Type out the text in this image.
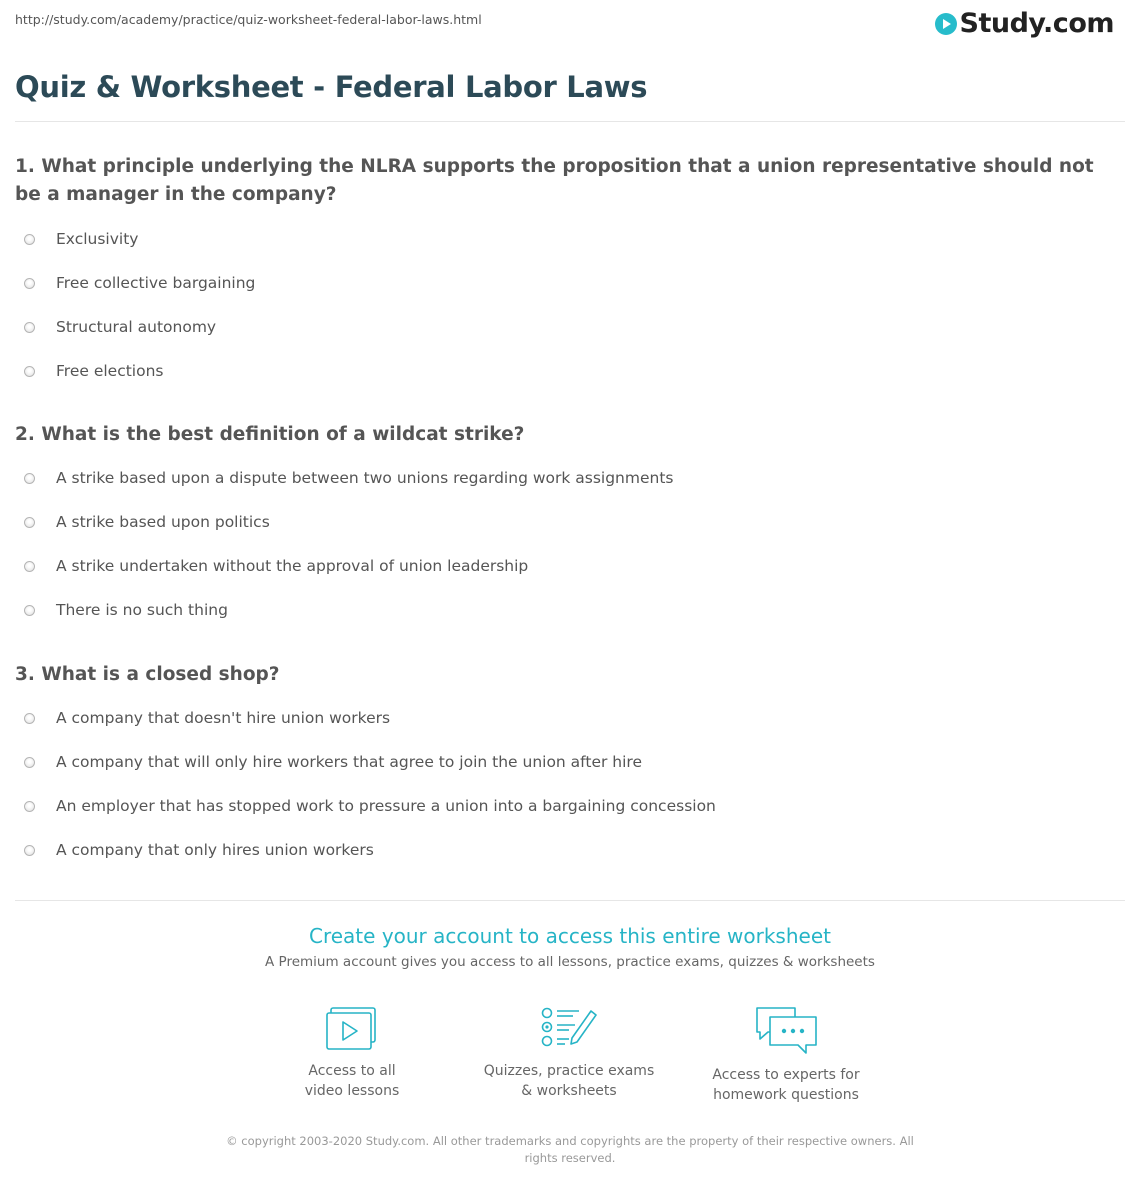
http://study.com/academy/practice/quiz-worksheet-federal-labor-laws.html	Study.com
Quiz & Worksheet - Federal Labor Laws

1. What principle underlying the NLRA supports the proposition that a union representative should not be a manager in the company?

Exclusivity
Free collective bargaining
Structural autonomy
Free elections

2. What is the best definition of a wildcat strike?

A strike based upon a dispute between two unions regarding work assignments
A strike based upon politics
A strike undertaken without the approval of union leadership
There is no such thing

3. What is a closed shop?

A company that doesn't hire union workers
A company that will only hire workers that agree to join the union after hire
An employer that has stopped work to pressure a union into a bargaining concession
A company that only hires union workers
Create your account to access this entire worksheet
A Premium account gives you access to all lessons, practice exams, quizzes & worksheets
Access to all
video lessons
Quizzes, practice exams
& worksheets
Access to experts for
homework questions
© copyright 2003-2020 Study.com. All other trademarks and copyrights are the property of their respective owners. All rights reserved.
